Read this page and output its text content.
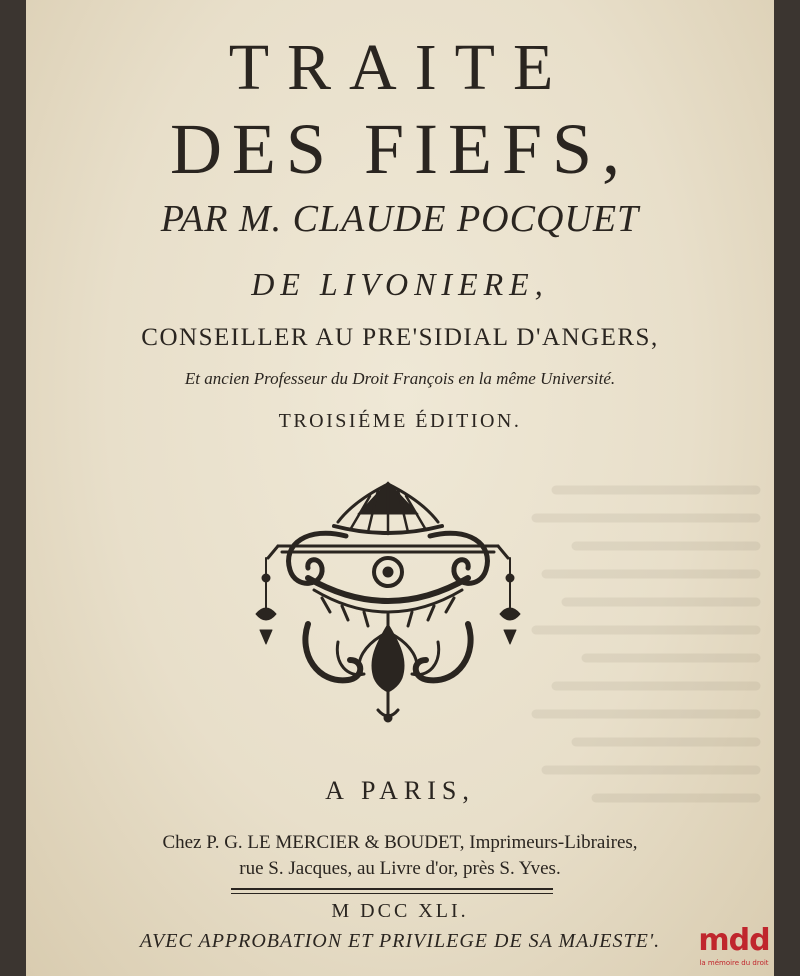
TRAITE
DES FIEFS,
PAR M. CLAUDE POCQUET
DE LIVONIERE,
CONSEILLER AU PRE'SIDIAL D'ANGERS,
Et ancien Professeur du Droit François en la même Université.
TROISIÉME ÉDITION.
A PARIS,
Chez P. G. LE MERCIER & BOUDET, Imprimeurs-Libraires,
rue S. Jacques, au Livre d'or, près S. Yves.
M DCC XLI.
AVEC APPROBATION ET PRIVILEGE DE SA MAJESTE'.	mdd
la mémoire du droit
